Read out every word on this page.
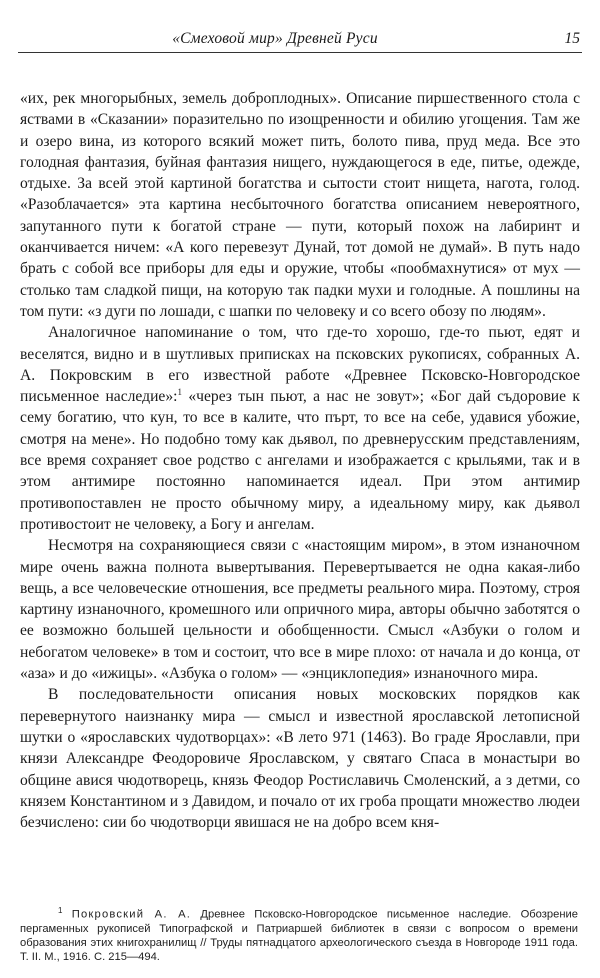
«Смеховой мир» Древней Руси	15

«их, рек многорыбных, земель доброплодных». Описание пиршественного стола с яствами в «Сказании» поразительно по изощренности и обилию угощения. Там же и озеро вина, из которого всякий может пить, болото пива, пруд меда. Все это голодная фантазия, буйная фантазия нищего, нуждающегося в еде, питье, одежде, отдыхе. За всей этой картиной богатства и сытости стоит нищета, нагота, голод. «Разоблачается» эта картина несбыточного богатства описанием невероятного, запутанного пути к богатой стране — пути, который похож на лабиринт и оканчивается ничем: «А кого перевезут Дунай, тот домой не думай». В путь надо брать с собой все приборы для еды и оружие, чтобы «пообмахнутися» от мух — столько там сладкой пищи, на которую так падки мухи и голодные. А пошлины на том пути: «з дуги по лошади, с шапки по человеку и со всего обозу по людям».

Аналогичное напоминание о том, что где-то хорошо, где-то пьют, едят и веселятся, видно и в шутливых приписках на псковских рукописях, собранных А. А. Покровским в его известной работе «Древнее Псковско-Новгородское письменное наследие»:$^1$ «через тын пьют, а нас не зовут»; «Бог дай съдоровие к сему богатию, что кун, то все в калите, что пърт, то все на себе, удавися убожие, смотря на мене». Но подобно тому как дьявол, по древнерусским представлениям, все время сохраняет свое родство с ангелами и изображается с крыльями, так и в этом антимире постоянно напоминается идеал. При этом антимир противопоставлен не просто обычному миру, а идеальному миру, как дьявол противостоит не человеку, а Богу и ангелам.

Несмотря на сохраняющиеся связи с «настоящим миром», в этом изнаночном мире очень важна полнота вывертывания. Перевертывается не одна какая-либо вещь, а все человеческие отношения, все предметы реального мира. Поэтому, строя картину изнаночного, кромешного или опричного мира, авторы обычно заботятся о ее возможно большей цельности и обобщенности. Смысл «Азбуки о голом и небогатом человеке» в том и состоит, что все в мире плохо: от начала и до конца, от «аза» и до «ижицы». «Азбука о голом» — «энциклопедия» изнаночного мира.

В последовательности описания новых московских порядков как перевернутого наизнанку мира — смысл и известной ярославской летописной шутки о «ярославских чудотворцах»: «В лето 971 (1463). Во граде Ярославли, при князи Александре Феодоровиче Ярославском, у святаго Спаса в монастыри во общине авися чюдотворець, князь Феодор Ростиславичь Смоленский, а з детми, со князем Константином и з Давидом, и почало от их гроба прощати множество людеи безчислено: сии бо чюдотворци явишася не на добро всем кня-

$^1$ Покровский А. А. Древнее Псковско-Новгородское письменное наследие. Обозрение пергаменных рукописей Типографской и Патриаршей библиотек в связи с вопросом о времени образования этих книгохранилищ // Труды пятнадцатого археологического съезда в Новгороде 1911 года. Т. II. М., 1916. С. 215—494.
